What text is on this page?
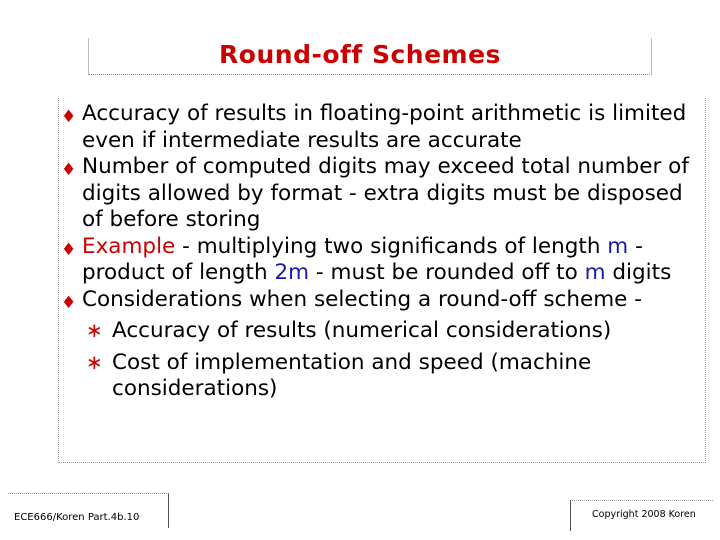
Round-off Schemes
♦ Accuracy of results in floating-point arithmetic is limited even if intermediate results are accurate
♦ Number of computed digits may exceed total number of digits allowed by format - extra digits must be disposed of before storing
♦ Example - multiplying two significands of length m - product of length 2m - must be rounded off to m digits
♦ Considerations when selecting a round-off scheme -
∗ Accuracy of results (numerical considerations)
∗ Cost of implementation and speed (machine considerations)
ECE666/Koren Part.4b.10	Copyright 2008 Koren
